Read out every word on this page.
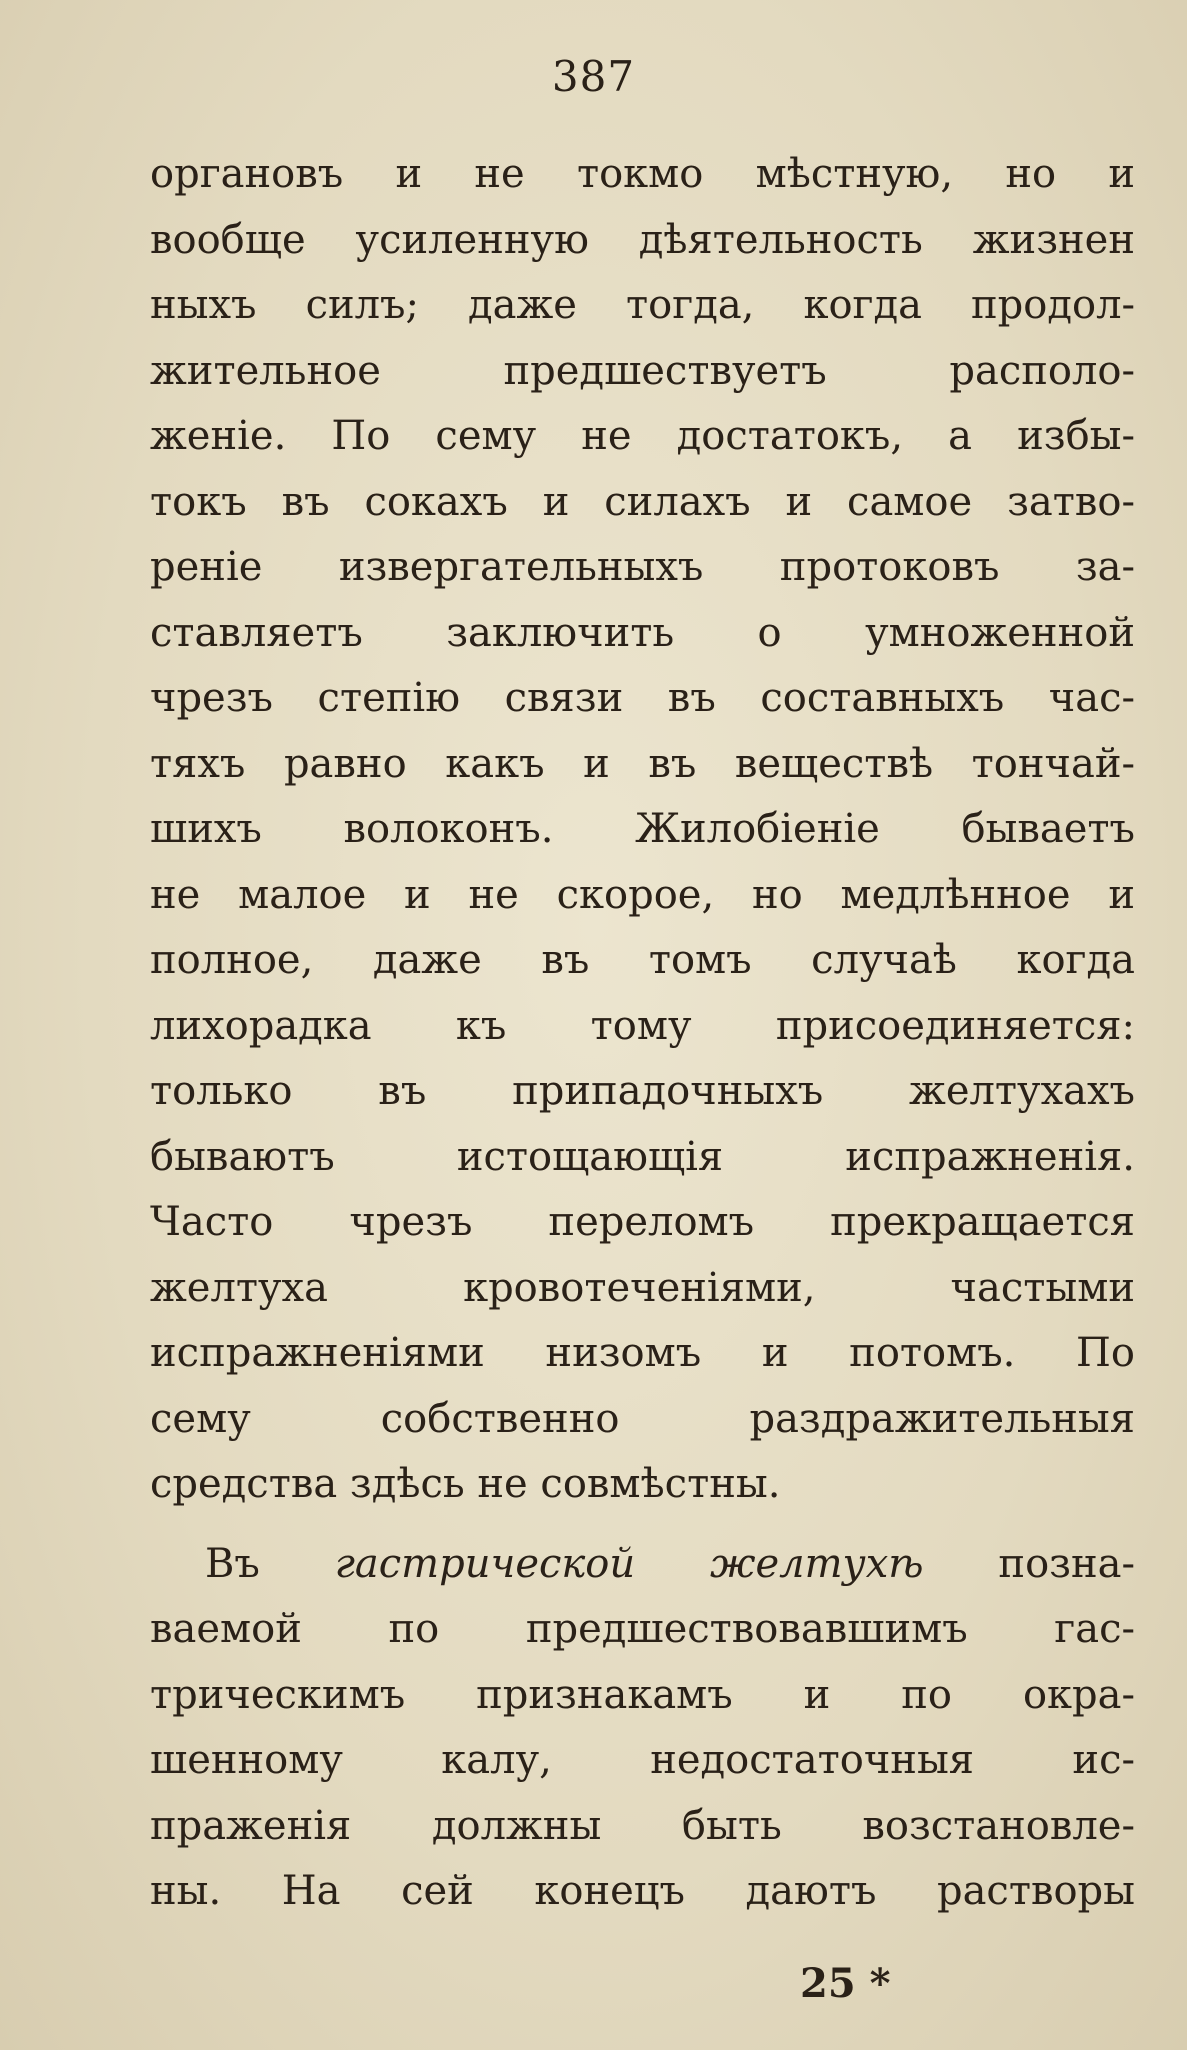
387
органовъ и не токмо мѣстную, но и
вообще усиленную дѣятельность жизнен
ныхъ силъ; даже тогда, когда продол-
жительное предшествуетъ располо-
женіе. По сему не достатокъ, а избы-
токъ въ сокахъ и силахъ и самое затво-
реніе извергательныхъ протоковъ за-
ставляетъ заключить о умноженной
чрезъ степію связи въ составныхъ час-
тяхъ равно какъ и въ веществѣ тончай-
шихъ волоконъ. Жилобіеніе бываетъ
не малое и не скорое, но медлѣнное и
полное, даже въ томъ случаѣ когда
лихорадка къ тому присоединяется:
только въ припадочныхъ желтухахъ
бываютъ истощающія испражненія.
Часто чрезъ переломъ прекращается
желтуха кровотеченіями, частыми
испражненіями низомъ и потомъ. По
сему собственно раздражительныя
средства здѣсь не совмѣстны.
Въ гастрической желтухѣ позна-
ваемой по предшествовавшимъ гас-
трическимъ признакамъ и по окра-
шенному калу, недостаточныя ис-
праженія должны быть возстановле-
ны. На сей конецъ даютъ растворы
25 *
